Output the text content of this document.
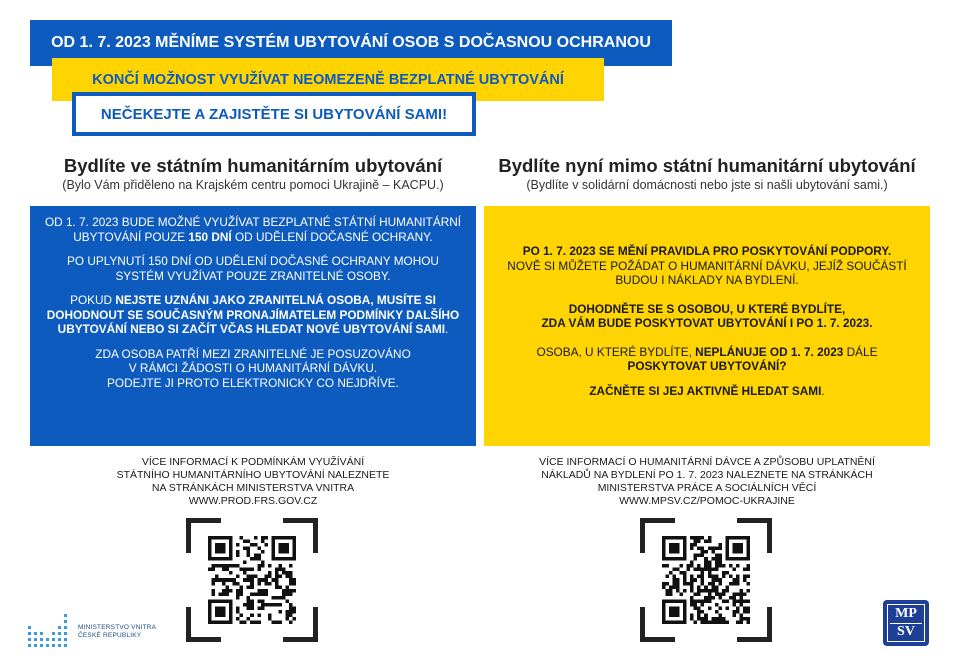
OD 1. 7. 2023 MĚNÍME SYSTÉM UBYTOVÁNÍ OSOB S DOČASNOU OCHRANOU
KONČÍ MOŽNOST VYUŽÍVAT NEOMEZENĚ BEZPLATNÉ UBYTOVÁNÍ
NEČEKEJTE A ZAJISTĚTE SI UBYTOVÁNÍ SAMI!
Bydlíte ve státním humanitárním ubytování
(Bylo Vám přiděleno na Krajském centru pomoci Ukrajině – KACPU.)
Bydlíte nyní mimo státní humanitární ubytování
(Bydlíte v solidární domácnosti nebo jste si našli ubytování sami.)
OD 1. 7. 2023 BUDE MOŽNÉ VYUŽÍVAT BEZPLATNÉ STÁTNÍ HUMANITÁRNÍ UBYTOVÁNÍ POUZE 150 DNÍ OD UDĚLENÍ DOČASNÉ OCHRANY.
PO UPLYNUTÍ 150 DNÍ OD UDĚLENÍ DOČASNÉ OCHRANY MOHOU SYSTÉM VYUŽÍVAT POUZE ZRANITELNÉ OSOBY.
POKUD NEJSTE UZNÁNI JAKO ZRANITELNÁ OSOBA, MUSÍTE SI DOHODNOUT SE SOUČASNÝM PRONAJÍMATELEM PODMÍNKY DALŠÍHO UBYTOVÁNÍ NEBO SI ZAČÍT VČAS HLEDAT NOVÉ UBYTOVÁNÍ SAMI.
ZDA OSOBA PATŘÍ MEZI ZRANITELNÉ JE POSUZOVÁNO
V RÁMCI ŽÁDOSTI O HUMANITÁRNÍ DÁVKU.
PODEJTE JI PROTO ELEKTRONICKY CO NEJDŘÍVE.
PO 1. 7. 2023 SE MĚNÍ PRAVIDLA PRO POSKYTOVÁNÍ PODPORY.
NOVĚ SI MŮŽETE POŽÁDAT O HUMANITÁRNÍ DÁVKU, JEJÍŽ SOUČÁSTÍ BUDOU I NÁKLADY NA BYDLENÍ.
DOHODNĚTE SE S OSOBOU, U KTERÉ BYDLÍTE,
ZDA VÁM BUDE POSKYTOVAT UBYTOVÁNÍ I PO 1. 7. 2023.
OSOBA, U KTERÉ BYDLÍTE, NEPLÁNUJE OD 1. 7. 2023 DÁLE
POSKYTOVAT UBYTOVÁNÍ?
ZAČNĚTE SI JEJ AKTIVNĚ HLEDAT SAMI.
VÍCE INFORMACÍ K PODMÍNKÁM VYUŽÍVÁNÍ
STÁTNÍHO HUMANITÁRNÍHO UBYTOVÁNÍ NALEZNETE
NA STRÁNKÁCH MINISTERSTVA VNITRA
WWW.PROD.FRS.GOV.CZ
VÍCE INFORMACÍ O HUMANITÁRNÍ DÁVCE A ZPŮSOBU UPLATNĚNÍ
NÁKLADŮ NA BYDLENÍ PO 1. 7. 2023 NALEZNETE NA STRÁNKÁCH
MINISTERSTVA PRÁCE A SOCIÁLNÍCH VĚCÍ
WWW.MPSV.CZ/POMOC-UKRAJINE
MINISTERSTVO VNITRA
ČESKÉ REPUBLIKY
MP
SV
